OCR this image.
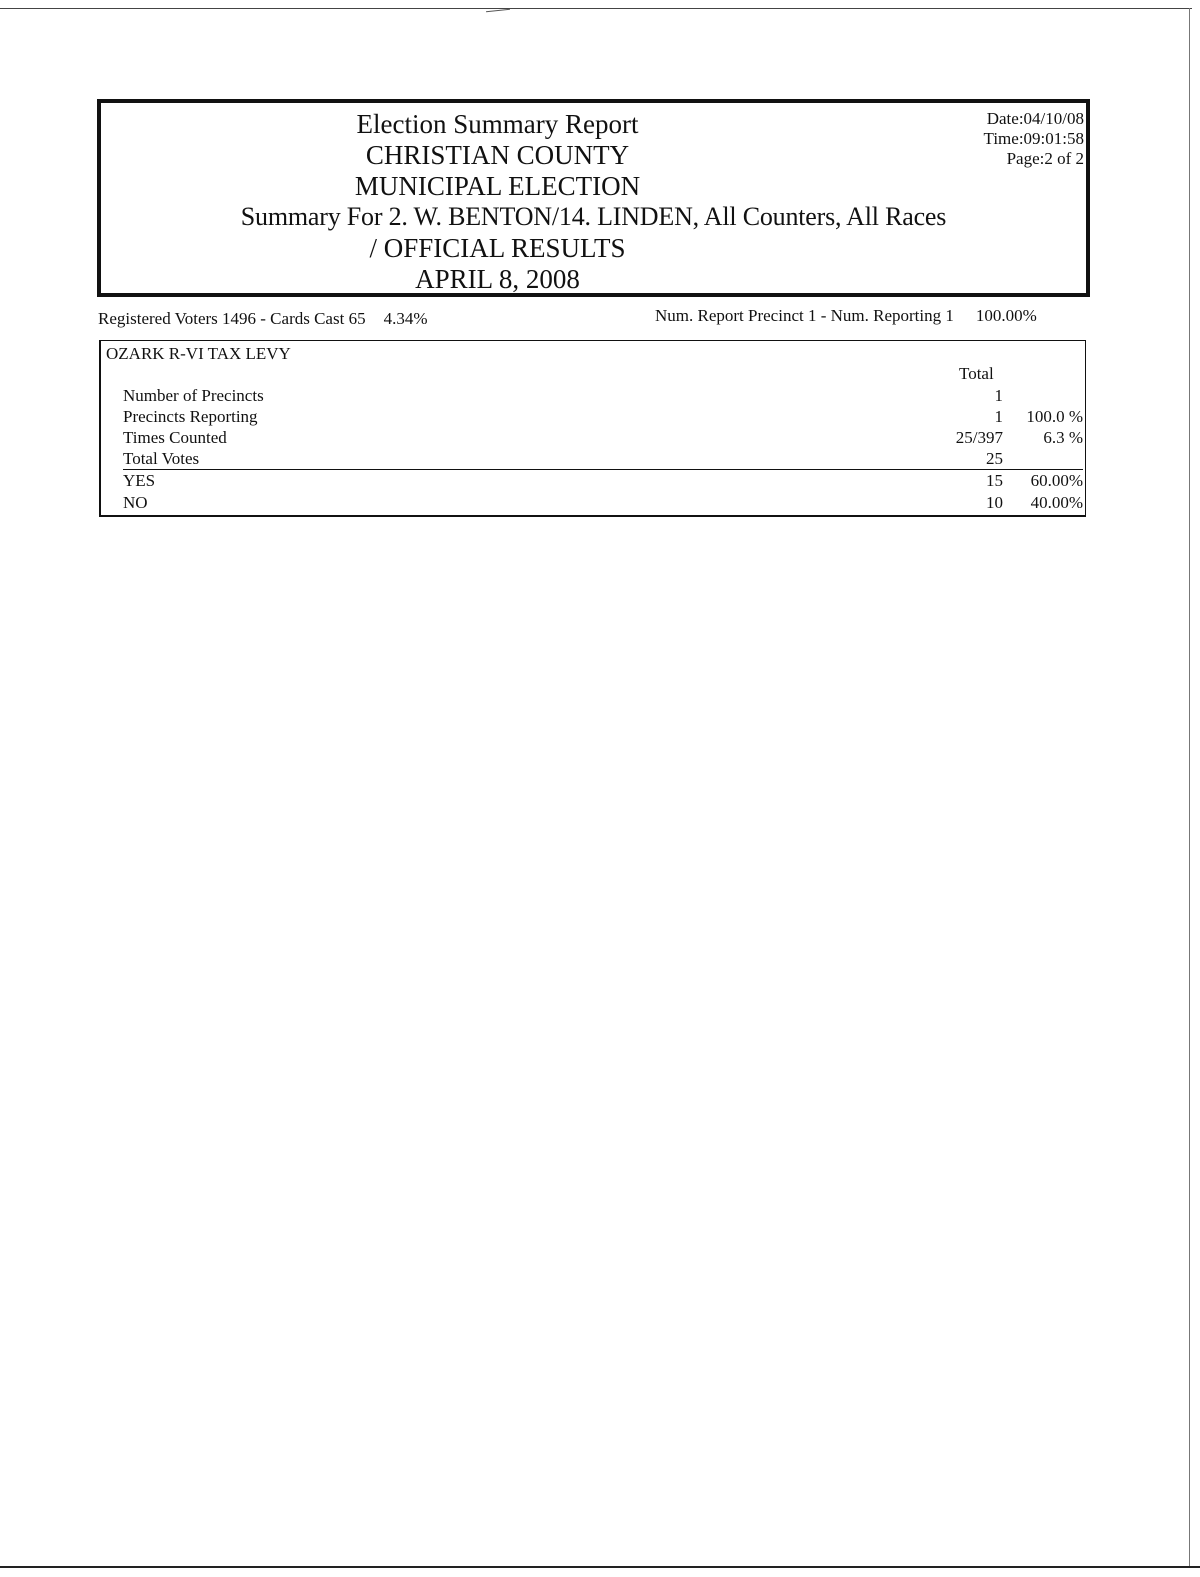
Election Summary Report
CHRISTIAN COUNTY
MUNICIPAL ELECTION
Summary For 2. W. BENTON/14. LINDEN, All Counters, All Races
/ OFFICIAL RESULTS
APRIL 8, 2008
Date:04/10/08
Time:09:01:58
Page:2 of 2
Registered Voters 1496 - Cards Cast 65 4.34%	Num. Report Precinct 1 - Num. Reporting 1 100.00%
OZARK R-VI TAX LEVY
Total
Number of Precincts	1
Precincts Reporting	1 100.0 %
Times Counted	25/397 6.3 %
Total Votes	25
YES	15 60.00%
NO	10 40.00%
